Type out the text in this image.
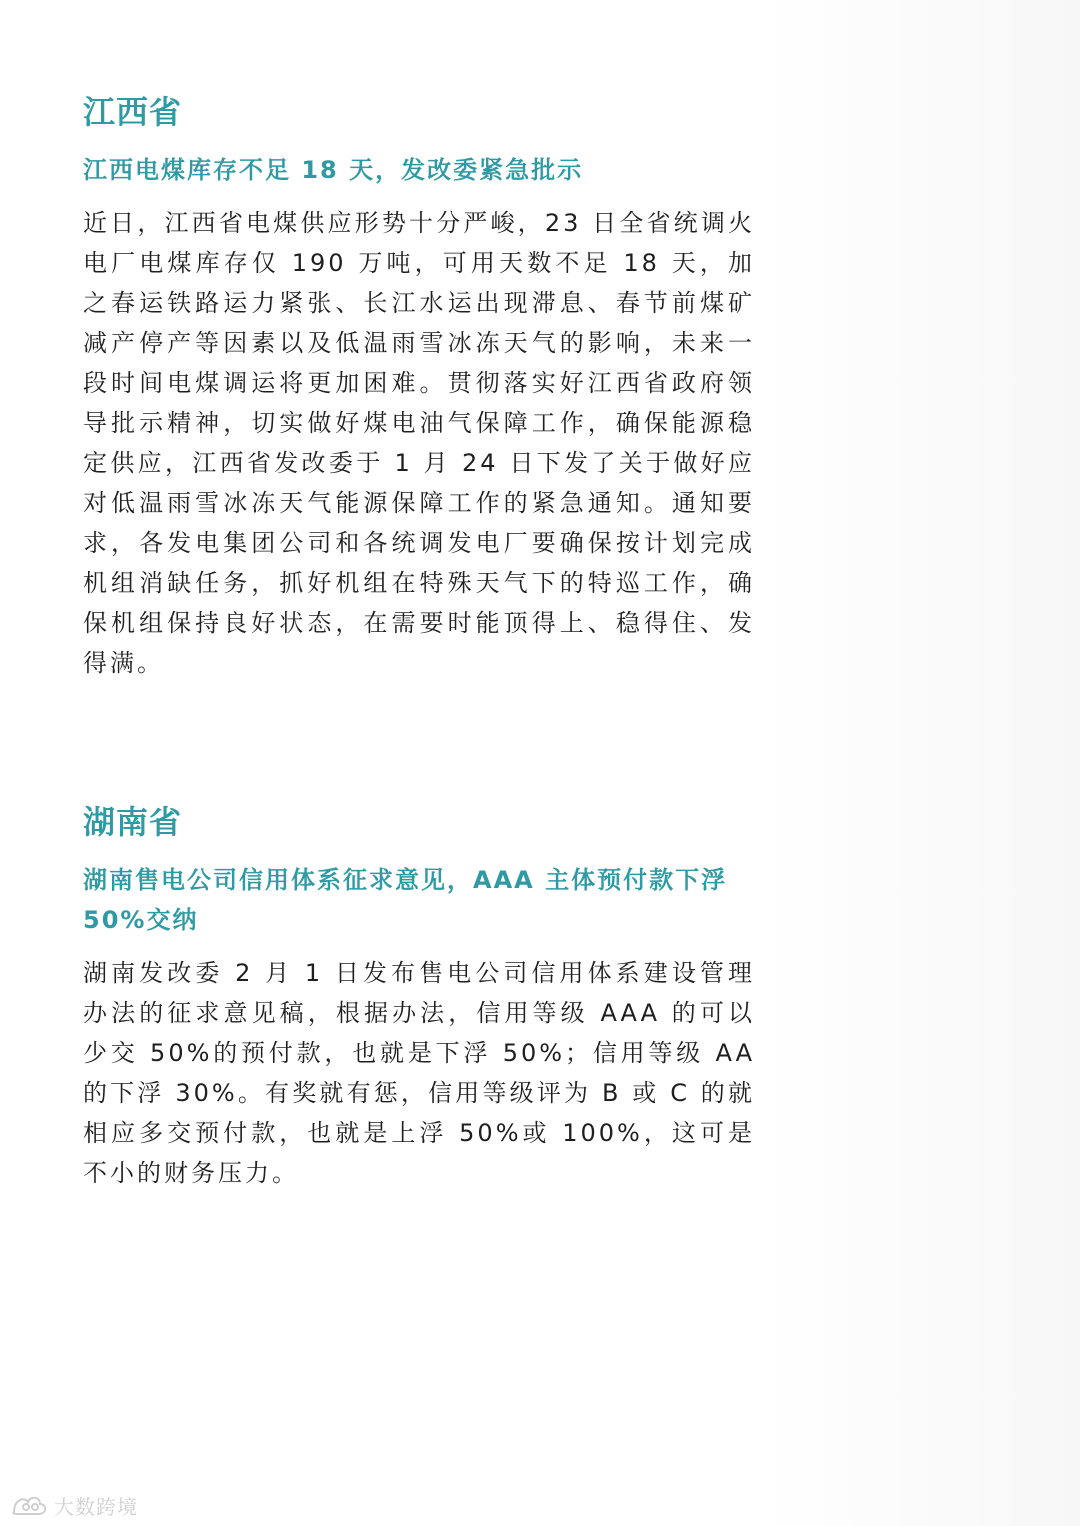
江西省
江西电煤库存不足 18 天，发改委紧急批示

近日，江西省电煤供应形势十分严峻，23 日全省统调火电厂电煤库存仅 190 万吨，可用天数不足 18 天，加之春运铁路运力紧张、长江水运出现滞息、春节前煤矿减产停产等因素以及低温雨雪冰冻天气的影响，未来一段时间电煤调运将更加困难。贯彻落实好江西省政府领导批示精神，切实做好煤电油气保障工作，确保能源稳定供应，江西省发改委于 1 月 24 日下发了关于做好应对低温雨雪冰冻天气能源保障工作的紧急通知。通知要求，各发电集团公司和各统调发电厂要确保按计划完成机组消缺任务，抓好机组在特殊天气下的特巡工作，确保机组保持良好状态，在需要时能顶得上、稳得住、发得满。

湖南省
湖南售电公司信用体系征求意见，AAA 主体预付款下浮 50%交纳

湖南发改委 2 月 1 日发布售电公司信用体系建设管理办法的征求意见稿，根据办法，信用等级 AAA 的可以少交 50%的预付款，也就是下浮 50%；信用等级 AA 的下浮 30%。有奖就有惩，信用等级评为 B 或 C 的就相应多交预付款，也就是上浮 50%或 100%，这可是不小的财务压力。

大数跨境
